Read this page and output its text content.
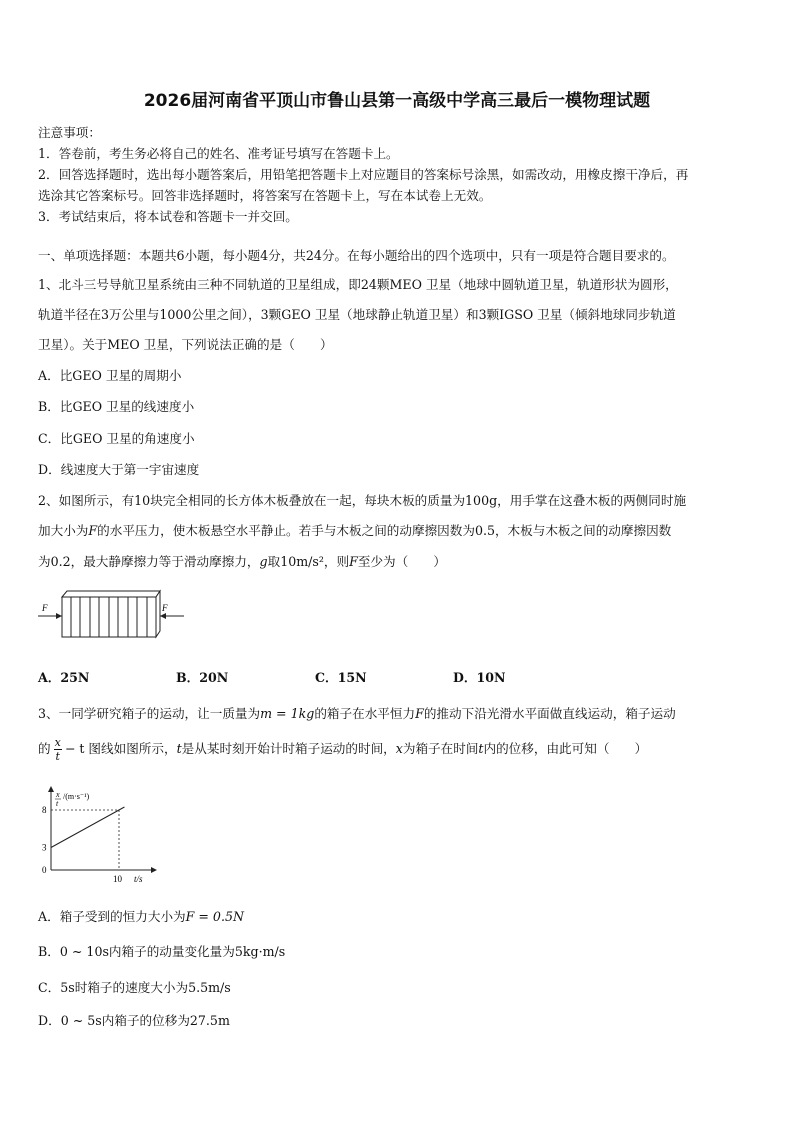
2026届河南省平顶山市鲁山县第一高级中学高三最后一模物理试题
注意事项：
1．答卷前，考生务必将自己的姓名、准考证号填写在答题卡上。
2．回答选择题时，选出每小题答案后，用铅笔把答题卡上对应题目的答案标号涂黑，如需改动，用橡皮擦干净后，再
选涂其它答案标号。回答非选择题时，将答案写在答题卡上，写在本试卷上无效。
3．考试结束后，将本试卷和答题卡一并交回。
一、单项选择题：本题共6小题，每小题4分，共24分。在每小题给出的四个选项中，只有一项是符合题目要求的。
1、北斗三号导航卫星系统由三种不同轨道的卫星组成，即24颗MEO 卫星（地球中圆轨道卫星，轨道形状为圆形，
轨道半径在3万公里与1000公里之间），3颗GEO 卫星（地球静止轨道卫星）和3颗IGSO 卫星（倾斜地球同步轨道
卫星）。关于MEO 卫星，下列说法正确的是（　　）
A．比GEO 卫星的周期小
B．比GEO 卫星的线速度小
C．比GEO 卫星的角速度小
D．线速度大于第一宇宙速度
2、如图所示，有10块完全相同的长方体木板叠放在一起，每块木板的质量为100g，用手掌在这叠木板的两侧同时施
加大小为F的水平压力，使木板悬空水平静止。若手与木板之间的动摩擦因数为0.5，木板与木板之间的动摩擦因数
为0.2，最大静摩擦力等于滑动摩擦力，g取10m/s²，则F至少为（　　）
F	F
A．25N	B．20N	C．15N	D．10N
3、一同学研究箱子的运动，让一质量为m = 1kg的箱子在水平恒力F的推动下沿光滑水平面做直线运动，箱子运动
的 $\frac{x}{t} - t$ 图线如图所示，t是从某时刻开始计时箱子运动的时间，x为箱子在时间t内的位移，由此可知（　　）
x
t
/(m·s⁻¹)
t/s
3
8
0
10
A．箱子受到的恒力大小为F = 0.5N
B．0 ~ 10s内箱子的动量变化量为5kg·m/s
C．5s时箱子的速度大小为5.5m/s
D．0 ~ 5s内箱子的位移为27.5m
